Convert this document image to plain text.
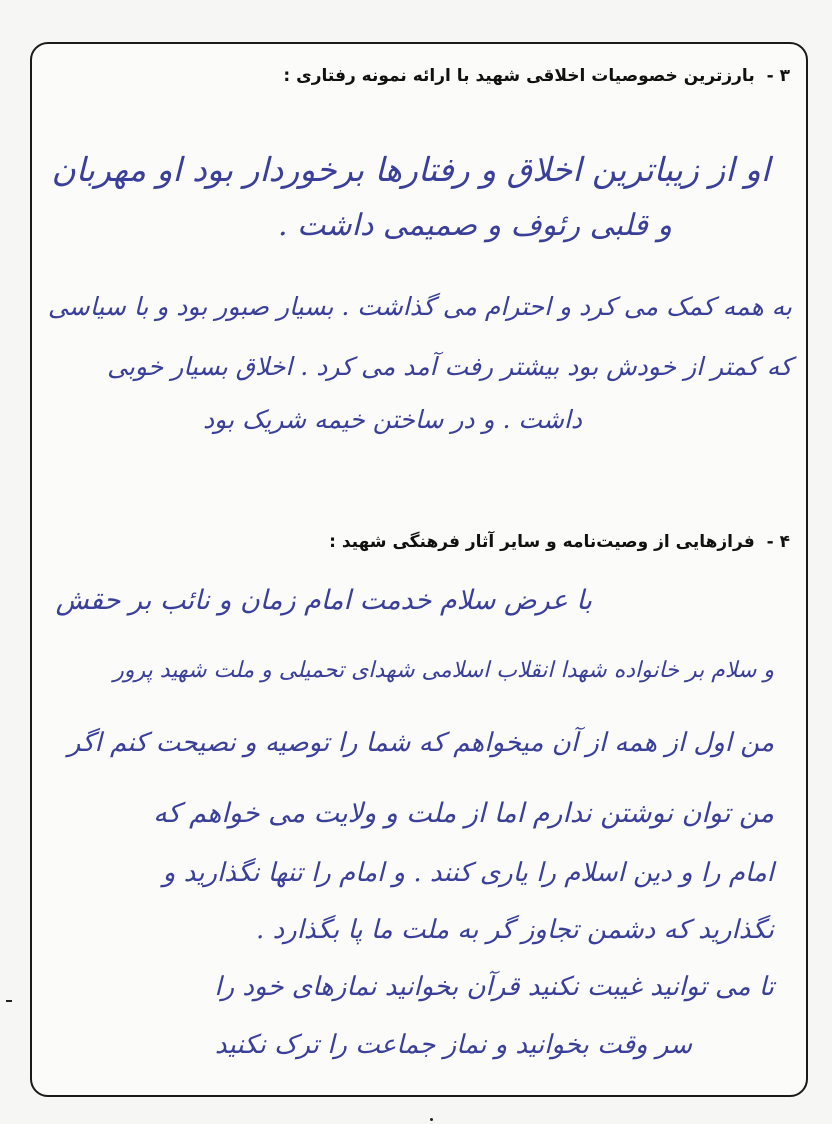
۳ - بارزترین خصوصیات اخلاقی شهید با ارائه نمونه رفتاری :
او از زیباترین اخلاق و رفتارها برخوردار بود او مهربان
و قلبی رئوف و صمیمی داشت .
به همه کمک می کرد و احترام می گذاشت . بسیار صبور بود و با سیاسی
که کمتر از خودش بود بیشتر رفت آمد می کرد . اخلاق بسیار خوبی
داشت . و در ساختن خیمه شریک بود
۴ - فرازهایی از وصیت‌نامه و سایر آثار فرهنگی شهید :
با عرض سلام خدمت امام زمان و نائب بر حقش
و سلام بر خانواده شهدا انقلاب اسلامی شهدای تحمیلی و ملت شهید پرور
من اول از همه از آن میخواهم که شما را توصیه و نصیحت کنم اگر
من توان نوشتن ندارم اما از ملت و ولایت می خواهم که
امام را و دین اسلام را یاری کنند . و امام را تنها نگذارید و
نگذارید که دشمن تجاوز گر به ملت ما پا بگذارد .
تا می توانید غیبت نکنید قرآن بخوانید نمازهای خود را
سر وقت بخوانید و نماز جماعت را ترک نکنید
